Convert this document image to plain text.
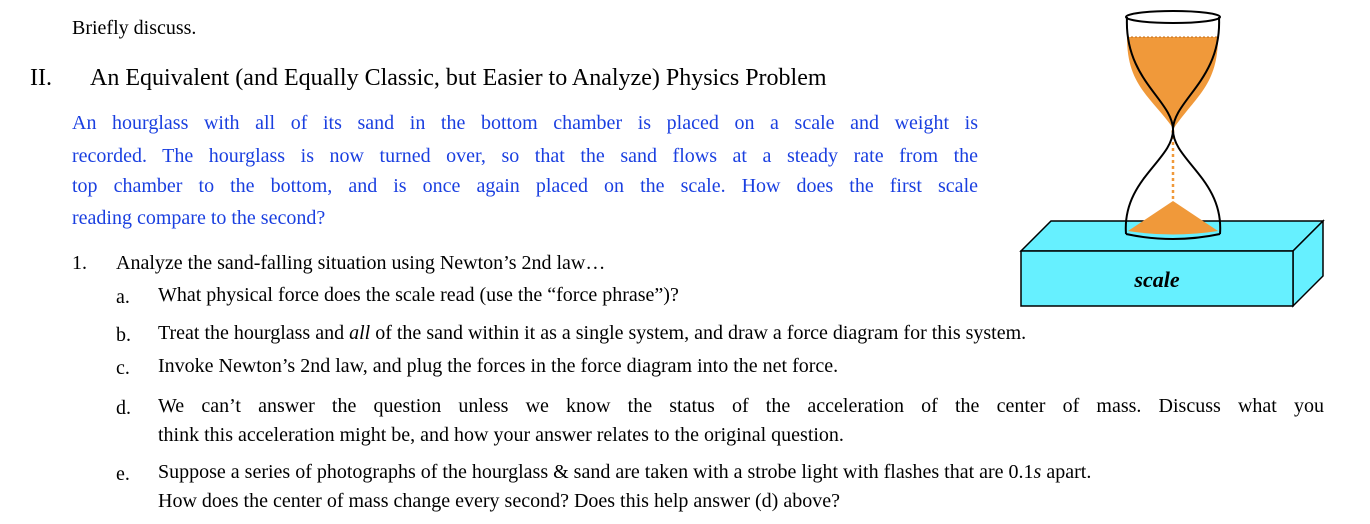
Briefly discuss.
II. An Equivalent (and Equally Classic, but Easier to Analyze) Physics Problem
An hourglass with all of its sand in the bottom chamber is placed on a scale and weight is
recorded. The hourglass is now turned over, so that the sand flows at a steady rate from the
top chamber to the bottom, and is once again placed on the scale. How does the first scale
reading compare to the second?
1. Analyze the sand-falling situation using Newton’s 2nd law…
a. What physical force does the scale read (use the “force phrase”)?
b. Treat the hourglass and all of the sand within it as a single system, and draw a force diagram for this system.
c. Invoke Newton’s 2nd law, and plug the forces in the force diagram into the net force.
d. We can’t answer the question unless we know the status of the acceleration of the center of mass. Discuss what you
think this acceleration might be, and how your answer relates to the original question.
e. Suppose a series of photographs of the hourglass & sand are taken with a strobe light with flashes that are 0.1s apart.
How does the center of mass change every second? Does this help answer (d) above?
scale
